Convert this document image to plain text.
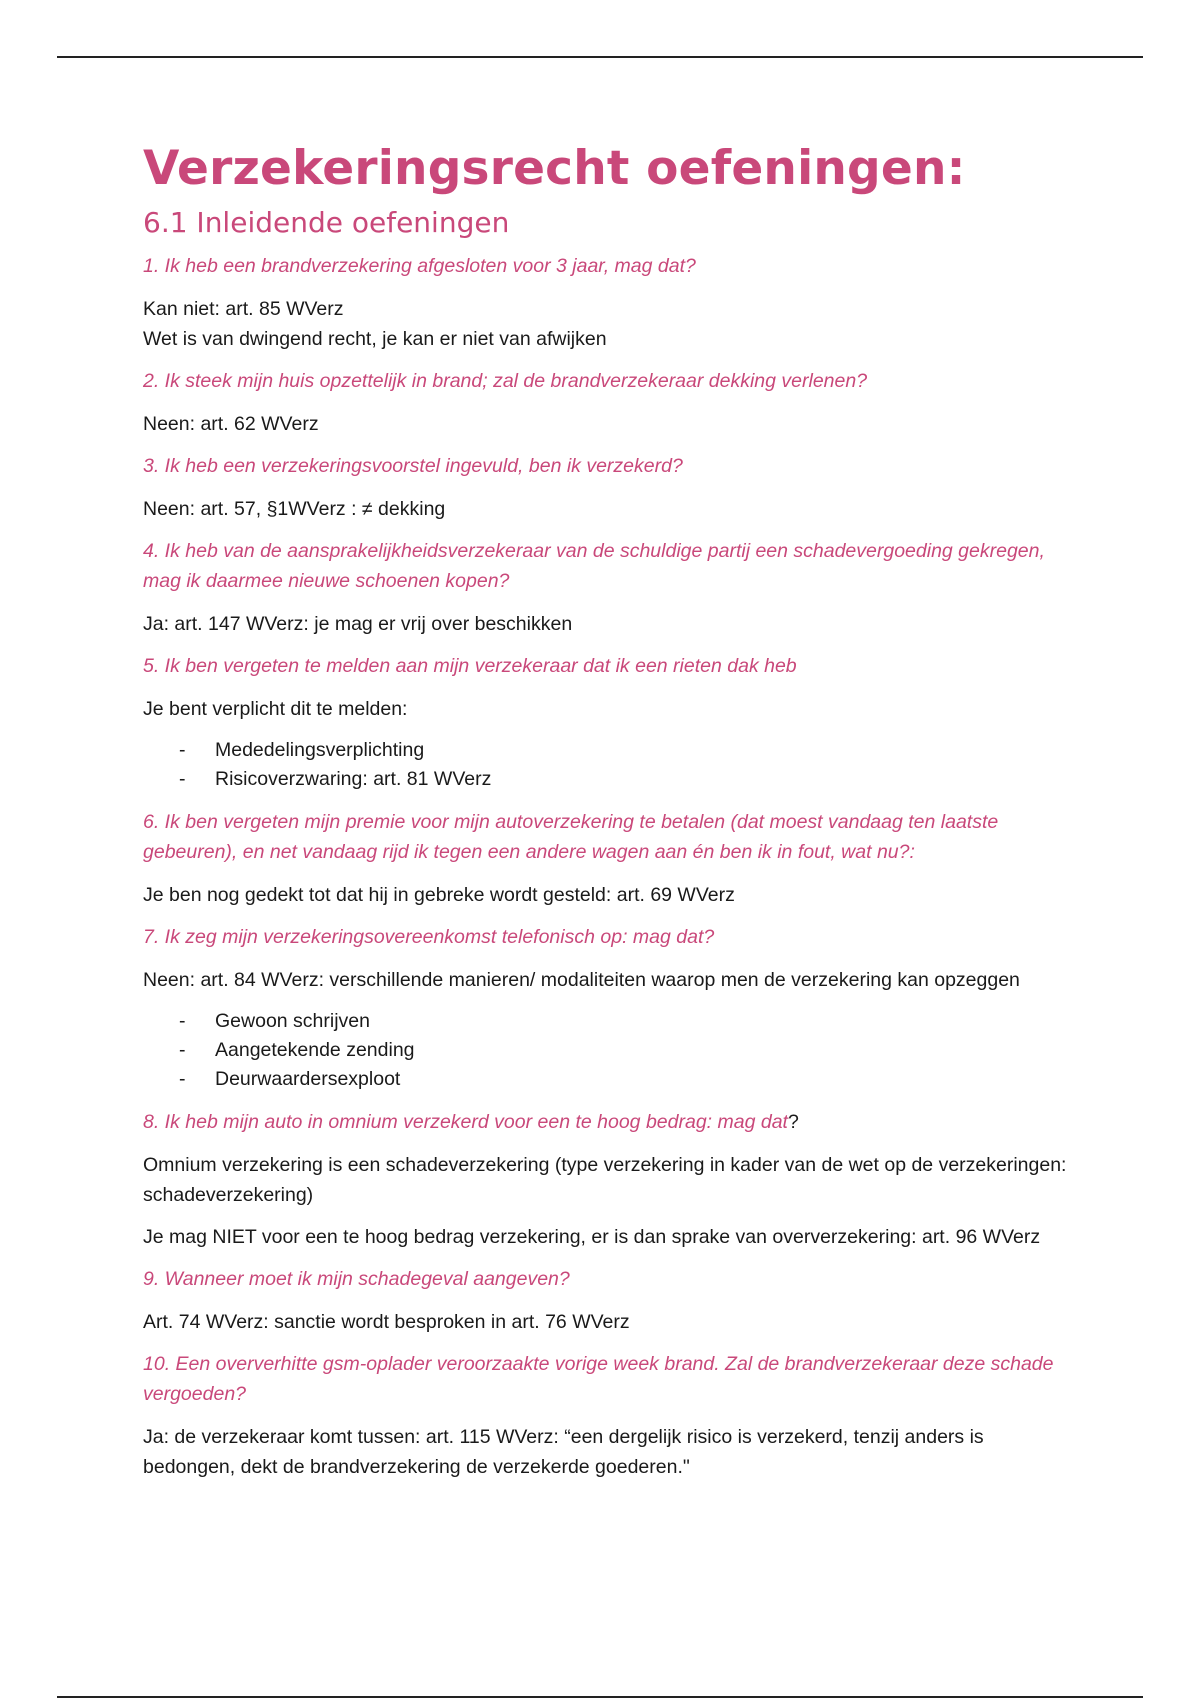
Verzekeringsrecht oefeningen:
6.1 Inleidende oefeningen

1. Ik heb een brandverzekering afgesloten voor 3 jaar, mag dat?

Kan niet: art. 85 WVerz

Wet is van dwingend recht, je kan er niet van afwijken

2. Ik steek mijn huis opzettelijk in brand; zal de brandverzekeraar dekking verlenen?

Neen: art. 62 WVerz

3. Ik heb een verzekeringsvoorstel ingevuld, ben ik verzekerd?

Neen: art. 57, §1WVerz : ≠ dekking

4. Ik heb van de aansprakelijkheidsverzekeraar van de schuldige partij een schadevergoeding gekregen, mag ik daarmee nieuwe schoenen kopen?

Ja: art. 147 WVerz: je mag er vrij over beschikken

5. Ik ben vergeten te melden aan mijn verzekeraar dat ik een rieten dak heb

Je bent verplicht dit te melden:

- Mededelingsverplichting
- Risicoverzwaring: art. 81 WVerz

6. Ik ben vergeten mijn premie voor mijn autoverzekering te betalen (dat moest vandaag ten laatste gebeuren), en net vandaag rijd ik tegen een andere wagen aan én ben ik in fout, wat nu?:

Je ben nog gedekt tot dat hij in gebreke wordt gesteld: art. 69 WVerz

7. Ik zeg mijn verzekeringsovereenkomst telefonisch op: mag dat?

Neen: art. 84 WVerz: verschillende manieren/ modaliteiten waarop men de verzekering kan opzeggen

- Gewoon schrijven
- Aangetekende zending
- Deurwaardersexploot

8. Ik heb mijn auto in omnium verzekerd voor een te hoog bedrag: mag dat?

Omnium verzekering is een schadeverzekering (type verzekering in kader van de wet op de verzekeringen: schadeverzekering)

Je mag NIET voor een te hoog bedrag verzekering, er is dan sprake van oververzekering: art. 96 WVerz

9. Wanneer moet ik mijn schadegeval aangeven?

Art. 74 WVerz: sanctie wordt besproken in art. 76 WVerz

10. Een oververhitte gsm-oplader veroorzaakte vorige week brand. Zal de brandverzekeraar deze schade vergoeden?

Ja: de verzekeraar komt tussen: art. 115 WVerz: “een dergelijk risico is verzekerd, tenzij anders is bedongen, dekt de brandverzekering de verzekerde goederen."
